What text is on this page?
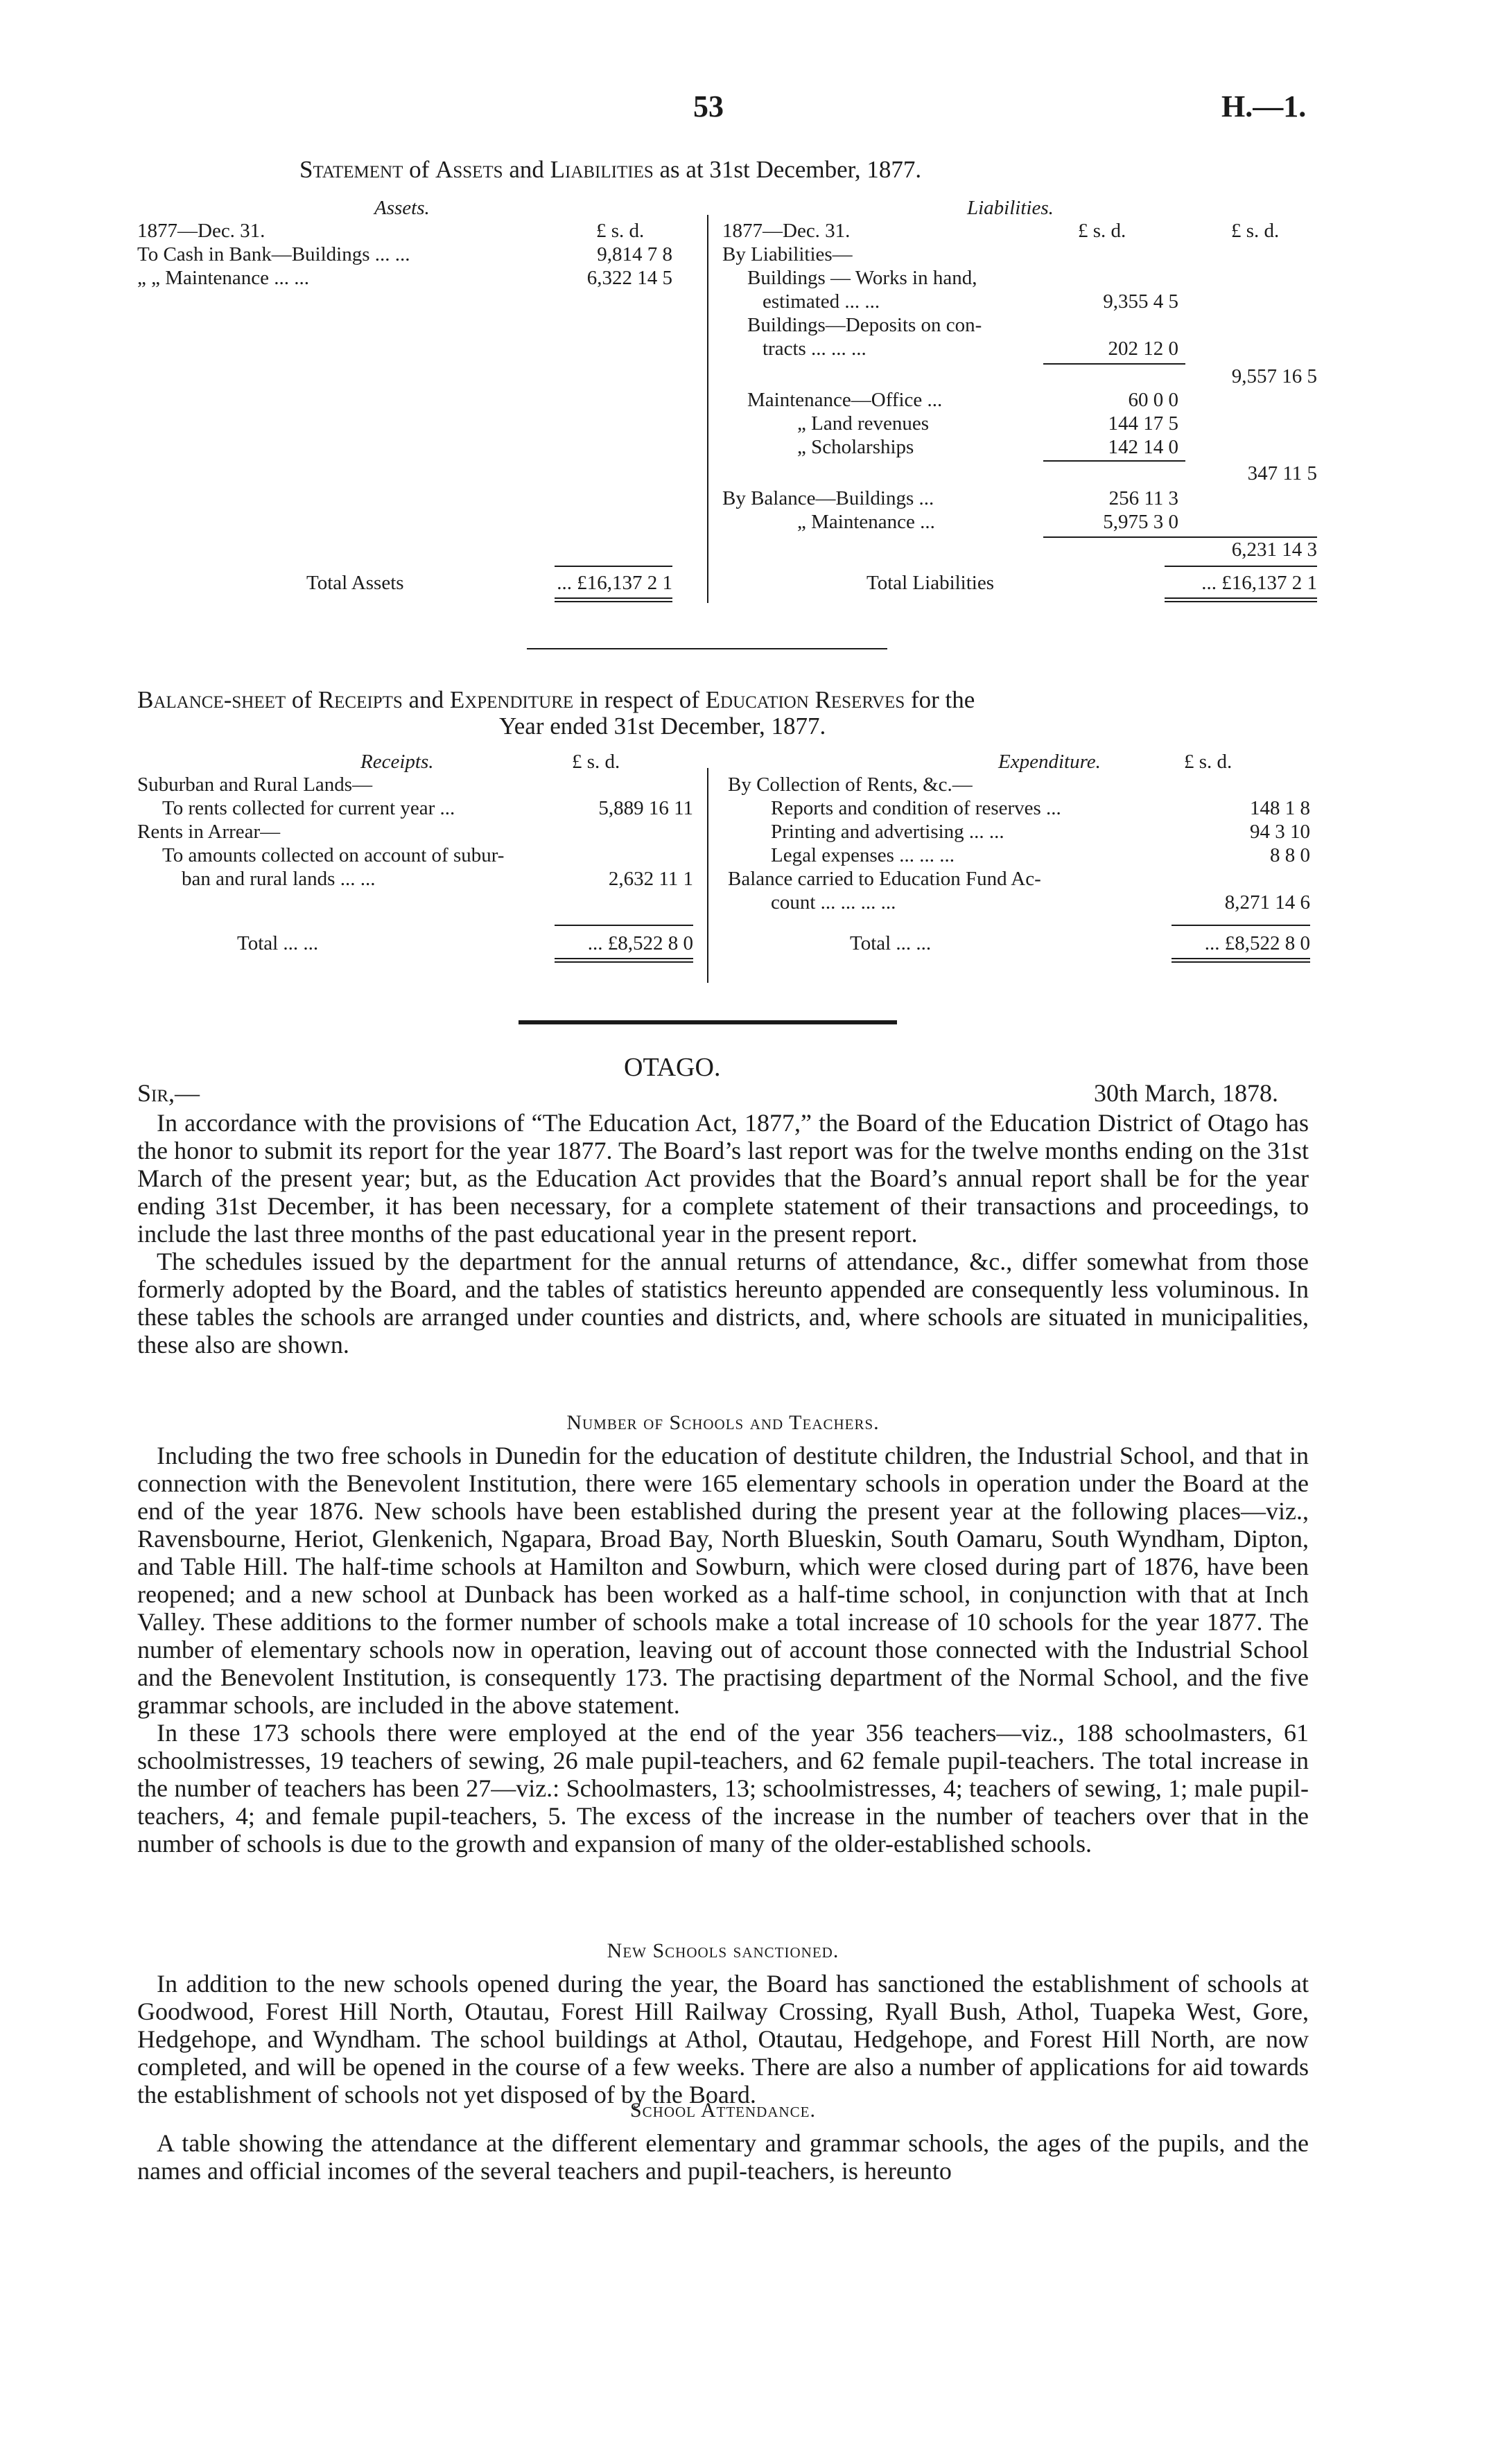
53	H.—1.
Statement of Assets and Liabilities as at 31st December, 1877.
Assets.	Liabilities.
1877—Dec. 31.	£ s. d.
To Cash in Bank—Buildings ... ...	9,814 7 8
„ „ Maintenance ... ...	6,322 14 5
1877—Dec. 31.	£ s. d.	£ s. d.
By Liabilities—
Buildings — Works in hand,
estimated ... ...	9,355 4 5
Buildings—Deposits on con-
tracts ... ... ...	202 12 0
9,557 16 5
Maintenance—Office ...	60 0 0
„ Land revenues	144 17 5
„ Scholarships	142 14 0
347 11 5
By Balance—Buildings ...	256 11 3
„ Maintenance ...	5,975 3 0
6,231 14 3
Total Assets	... £16,137 2 1	Total Liabilities	... £16,137 2 1
Balance-sheet of Receipts and Expenditure in respect of Education Reserves for the
Year ended 31st December, 1877.
Receipts.	£ s. d.	Expenditure.	£ s. d.
Suburban and Rural Lands—
To rents collected for current year ...	5,889 16 11
Rents in Arrear—
To amounts collected on account of subur-
ban and rural lands ... ...	2,632 11 1
By Collection of Rents, &c.—
Reports and condition of reserves ...	148 1 8
Printing and advertising ... ...	94 3 10
Legal expenses ... ... ...	8 8 0
Balance carried to Education Fund Ac-
count ... ... ... ...	8,271 14 6
Total ... ...	... £8,522 8 0	Total ... ...	... £8,522 8 0
OTAGO.
Sir,—	30th March, 1878.

In accordance with the provisions of “The Education Act, 1877,” the Board of the Education District of Otago has the honor to submit its report for the year 1877. The Board’s last report was for the twelve months ending on the 31st March of the present year; but, as the Education Act provides that the Board’s annual report shall be for the year ending 31st December, it has been necessary, for a complete statement of their transactions and proceedings, to include the last three months of the past educational year in the present report.

The schedules issued by the department for the annual returns of attendance, &c., differ somewhat from those formerly adopted by the Board, and the tables of statistics hereunto appended are consequently less voluminous. In these tables the schools are arranged under counties and districts, and, where schools are situated in municipalities, these also are shown.

Number of Schools and Teachers.

Including the two free schools in Dunedin for the education of destitute children, the Industrial School, and that in connection with the Benevolent Institution, there were 165 elementary schools in operation under the Board at the end of the year 1876. New schools have been established during the present year at the following places—viz., Ravensbourne, Heriot, Glenkenich, Ngapara, Broad Bay, North Blueskin, South Oamaru, South Wyndham, Dipton, and Table Hill. The half-time schools at Hamilton and Sowburn, which were closed during part of 1876, have been reopened; and a new school at Dunback has been worked as a half-time school, in conjunction with that at Inch Valley. These additions to the former number of schools make a total increase of 10 schools for the year 1877. The number of elementary schools now in operation, leaving out of account those connected with the Industrial School and the Benevolent Institution, is consequently 173. The practising department of the Normal School, and the five grammar schools, are included in the above statement.

In these 173 schools there were employed at the end of the year 356 teachers—viz., 188 schoolmasters, 61 schoolmistresses, 19 teachers of sewing, 26 male pupil-teachers, and 62 female pupil-teachers. The total increase in the number of teachers has been 27—viz.: Schoolmasters, 13; schoolmistresses, 4; teachers of sewing, 1; male pupil-teachers, 4; and female pupil-teachers, 5. The excess of the increase in the number of teachers over that in the number of schools is due to the growth and expansion of many of the older-established schools.

New Schools sanctioned.

In addition to the new schools opened during the year, the Board has sanctioned the establishment of schools at Goodwood, Forest Hill North, Otautau, Forest Hill Railway Crossing, Ryall Bush, Athol, Tuapeka West, Gore, Hedgehope, and Wyndham. The school buildings at Athol, Otautau, Hedgehope, and Forest Hill North, are now completed, and will be opened in the course of a few weeks. There are also a number of applications for aid towards the establishment of schools not yet disposed of by the Board.

School Attendance.

A table showing the attendance at the different elementary and grammar schools, the ages of the pupils, and the names and official incomes of the several teachers and pupil-teachers, is hereunto
